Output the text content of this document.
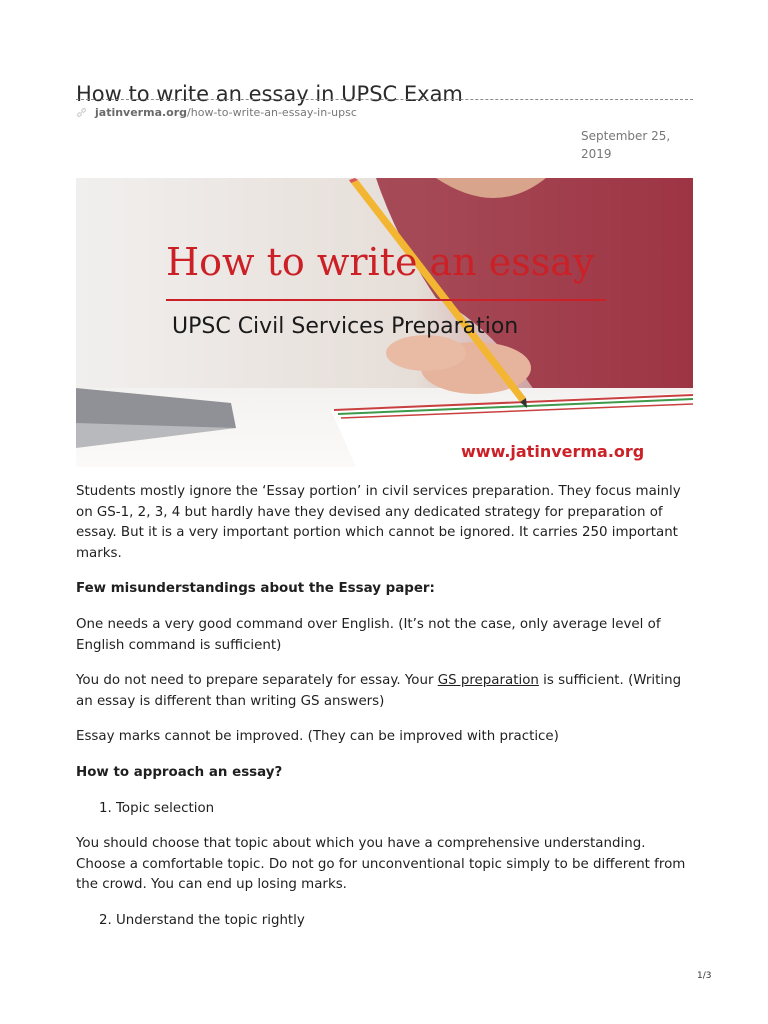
How to write an essay in UPSC Exam
jatinverma.org /how-to-write-an-essay-in-upsc
September 25, 2019
How to write an essay
UPSC Civil Services Preparation
www.jatinverma.org

Students mostly ignore the ‘Essay portion’ in civil services preparation. They focus mainly on GS-1, 2, 3, 4 but hardly have they devised any dedicated strategy for preparation of essay. But it is a very important portion which cannot be ignored. It carries 250 important marks.

Few misunderstandings about the Essay paper:

One needs a very good command over English. (It’s not the case, only average level of English command is sufficient)

You do not need to prepare separately for essay. Your GS preparation is sufficient. (Writing an essay is different than writing GS answers)

Essay marks cannot be improved. (They can be improved with practice)

How to approach an essay?

1. Topic selection

You should choose that topic about which you have a comprehensive understanding. Choose a comfortable topic. Do not go for unconventional topic simply to be different from the crowd. You can end up losing marks.

2. Understand the topic rightly
1/3
